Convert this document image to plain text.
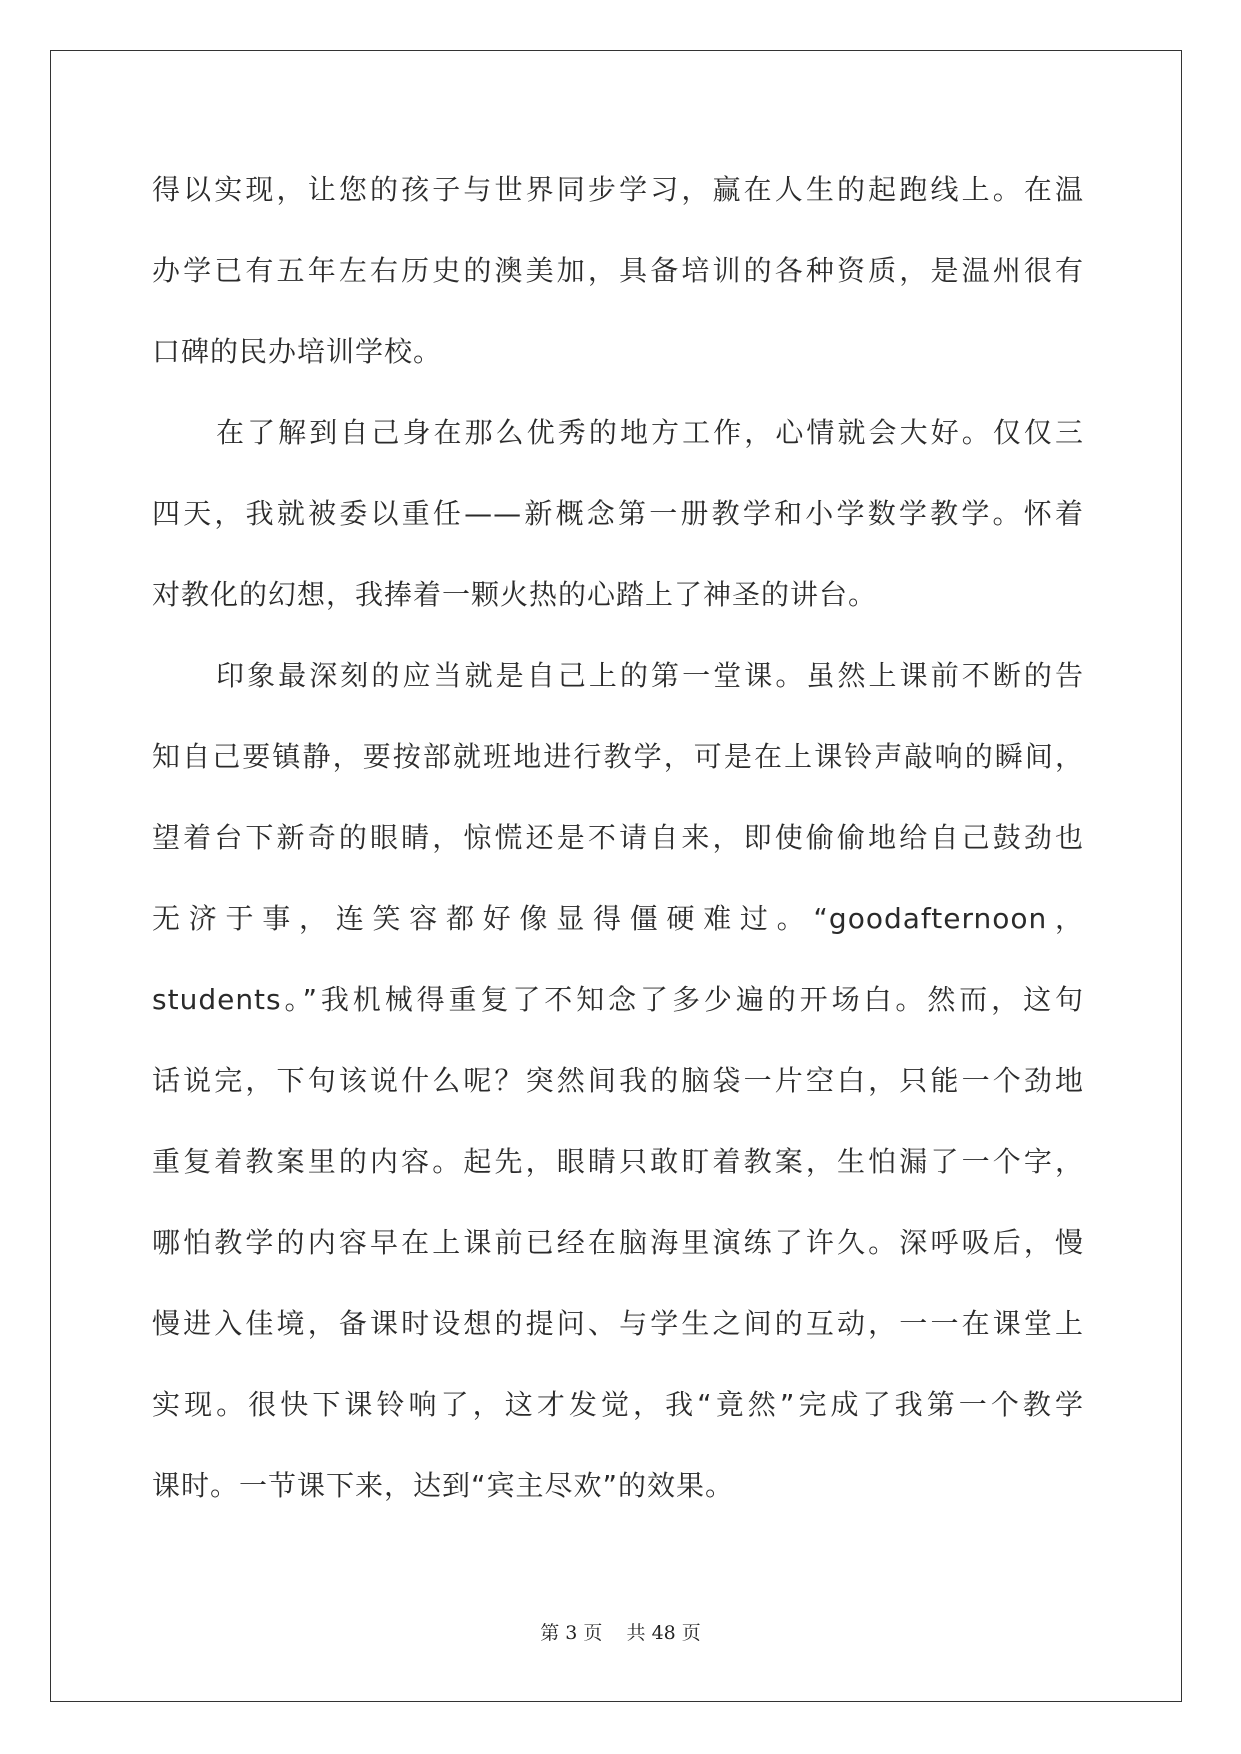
得以实现，让您的孩子与世界同步学习，赢在人生的起跑线上。在温
办学已有五年左右历史的澳美加，具备培训的各种资质，是温州很有
口碑的民办培训学校。
在了解到自己身在那么优秀的地方工作，心情就会大好。仅仅三
四天，我就被委以重任——新概念第一册教学和小学数学教学。怀着
对教化的幻想，我捧着一颗火热的心踏上了神圣的讲台。
印象最深刻的应当就是自己上的第一堂课。虽然上课前不断的告
知自己要镇静，要按部就班地进行教学，可是在上课铃声敲响的瞬间，
望着台下新奇的眼睛，惊慌还是不请自来，即使偷偷地给自己鼓劲也
无济于事，连笑容都好像显得僵硬难过。“goodafternoon，
students。”我机械得重复了不知念了多少遍的开场白。然而，这句
话说完，下句该说什么呢？突然间我的脑袋一片空白，只能一个劲地
重复着教案里的内容。起先，眼睛只敢盯着教案，生怕漏了一个字，
哪怕教学的内容早在上课前已经在脑海里演练了许久。深呼吸后，慢
慢进入佳境，备课时设想的提问、与学生之间的互动，一一在课堂上
实现。很快下课铃响了，这才发觉，我“竟然”完成了我第一个教学
课时。一节课下来，达到“宾主尽欢”的效果。
第 3 页 共 48 页
